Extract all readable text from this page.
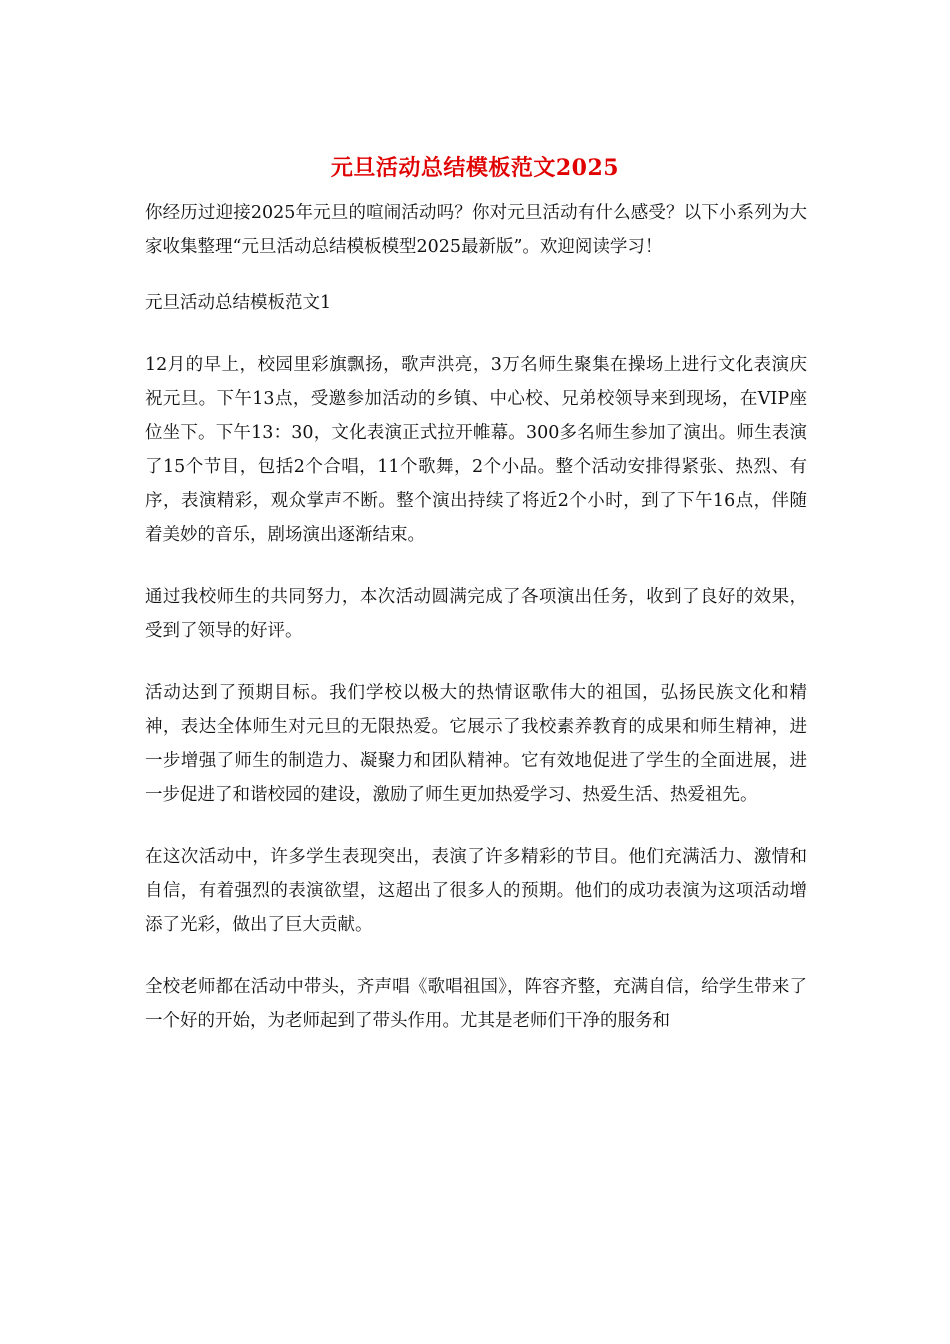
元旦活动总结模板范文2025

你经历过迎接2025年元旦的喧闹活动吗？你对元旦活动有什么感受？以下小系列为大家收集整理“元旦活动总结模板模型2025最新版”。欢迎阅读学习！

元旦活动总结模板范文1

12月的早上，校园里彩旗飘扬，歌声洪亮，3万名师生聚集在操场上进行文化表演庆祝元旦。下午13点，受邀参加活动的乡镇、中心校、兄弟校领导来到现场，在VIP座位坐下。下午13：30，文化表演正式拉开帷幕。300多名师生参加了演出。师生表演了15个节目，包括2个合唱，11个歌舞，2个小品。整个活动安排得紧张、热烈、有序，表演精彩，观众掌声不断。整个演出持续了将近2个小时，到了下午16点，伴随着美妙的音乐，剧场演出逐渐结束。

通过我校师生的共同努力，本次活动圆满完成了各项演出任务，收到了良好的效果，受到了领导的好评。

活动达到了预期目标。我们学校以极大的热情讴歌伟大的祖国，弘扬民族文化和精神，表达全体师生对元旦的无限热爱。它展示了我校素养教育的成果和师生精神，进一步增强了师生的制造力、凝聚力和团队精神。它有效地促进了学生的全面进展，进一步促进了和谐校园的建设，激励了师生更加热爱学习、热爱生活、热爱祖先。

在这次活动中，许多学生表现突出，表演了许多精彩的节目。他们充满活力、激情和自信，有着强烈的表演欲望，这超出了很多人的预期。他们的成功表演为这项活动增添了光彩，做出了巨大贡献。

全校老师都在活动中带头，齐声唱《歌唱祖国》，阵容齐整，充满自信，给学生带来了一个好的开始，为老师起到了带头作用。尤其是老师们干净的服务和
